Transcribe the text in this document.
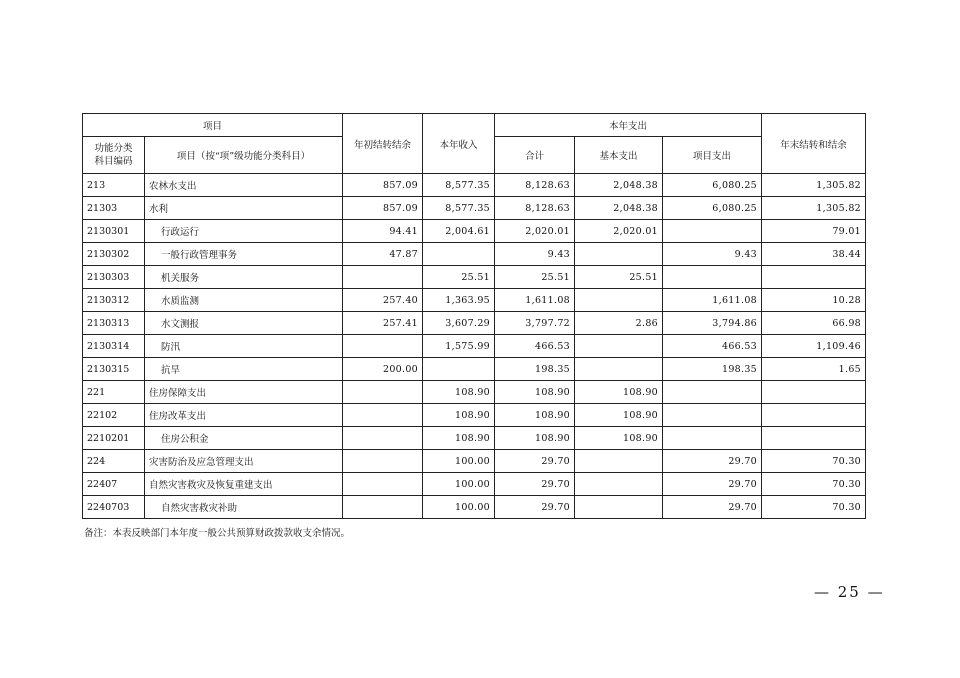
项目		年初结转结余	本年收入	本年支出			年末结转和结余
功能分类
科目编码	项目（按“项”级功能分类科目）			合计	基本支出	项目支出	
213	农林水支出	857.09	8,577.35	8,128.63	2,048.38	6,080.25	1,305.82
21303	水利	857.09	8,577.35	8,128.63	2,048.38	6,080.25	1,305.82
2130301	行政运行	94.41	2,004.61	2,020.01	2,020.01		79.01
2130302	一般行政管理事务	47.87		9.43		9.43	38.44
2130303	机关服务		25.51	25.51	25.51		
2130312	水质监测	257.40	1,363.95	1,611.08		1,611.08	10.28
2130313	水文测报	257.41	3,607.29	3,797.72	2.86	3,794.86	66.98
2130314	防汛		1,575.99	466.53		466.53	1,109.46
2130315	抗旱	200.00		198.35		198.35	1.65
221	住房保障支出		108.90	108.90	108.90		
22102	住房改革支出		108.90	108.90	108.90		
2210201	住房公积金		108.90	108.90	108.90		
224	灾害防治及应急管理支出		100.00	29.70		29.70	70.30
22407	自然灾害救灾及恢复重建支出		100.00	29.70		29.70	70.30
2240703	自然灾害救灾补助		100.00	29.70		29.70	70.30
备注：本表反映部门本年度一般公共预算财政拨款收支余情况。
— 25 —
